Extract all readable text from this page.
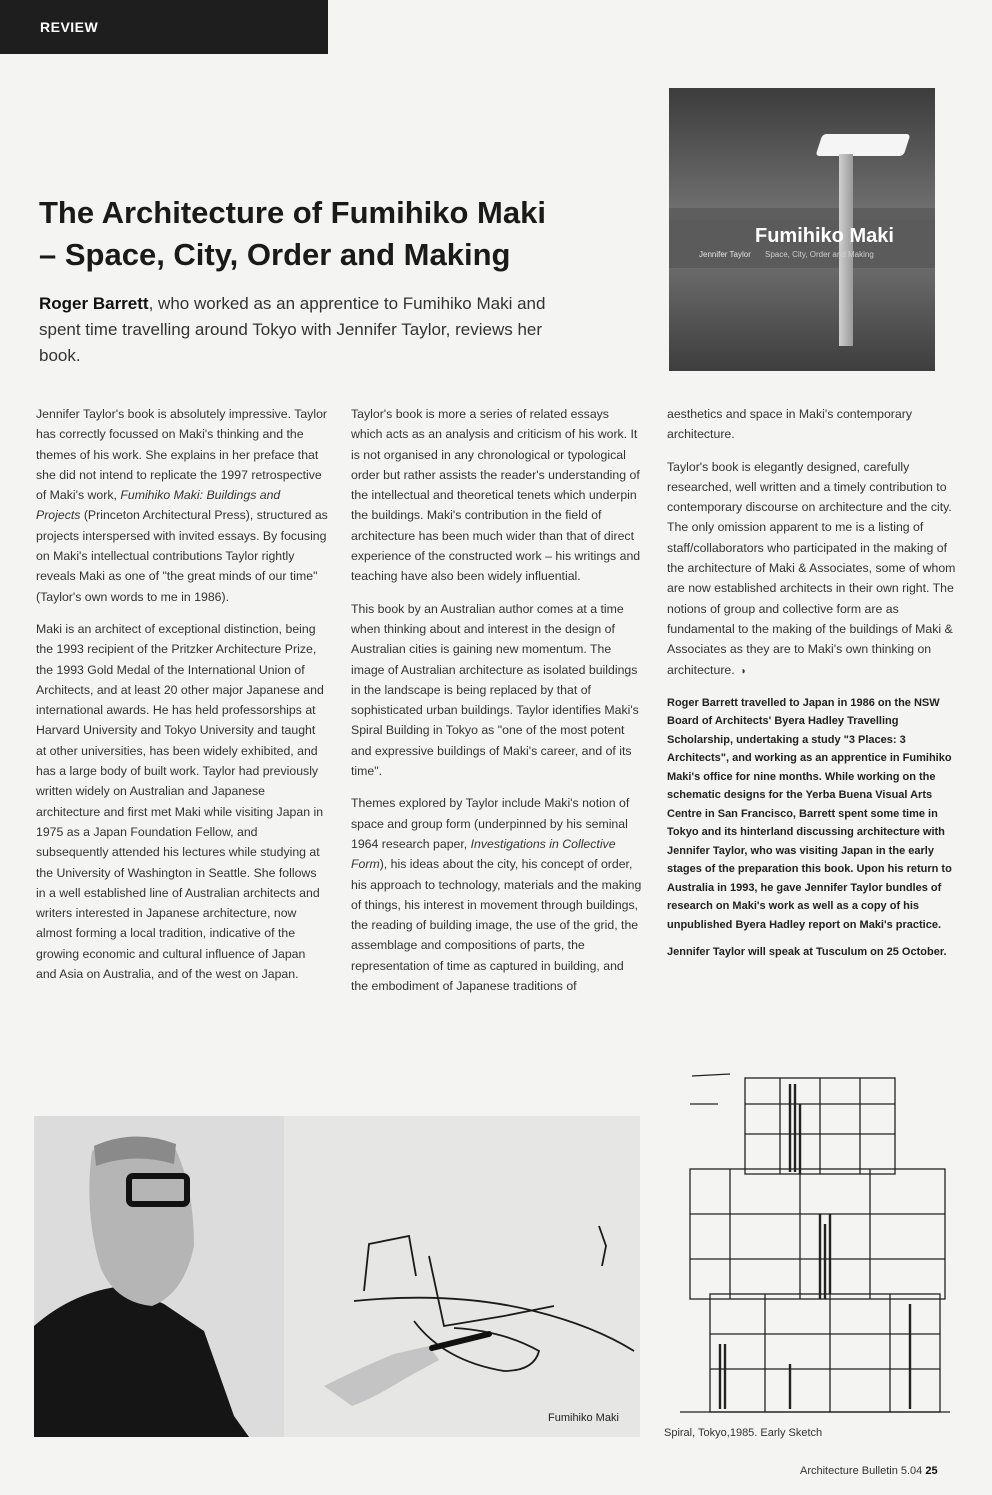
REVIEW
The Architecture of Fumihiko Maki
– Space, City, Order and Making

Roger Barrett, who worked as an apprentice to Fumihiko Maki and spent time travelling around Tokyo with Jennifer Taylor, reviews her book.

Fumihiko Maki
Jennifer Taylor Space, City, Order and Making

Jennifer Taylor's book is absolutely impressive. Taylor has correctly focussed on Maki's thinking and the themes of his work. She explains in her preface that she did not intend to replicate the 1997 retrospective of Maki's work, Fumihiko Maki: Buildings and Projects (Princeton Architectural Press), structured as projects interspersed with invited essays. By focusing on Maki's intellectual contributions Taylor rightly reveals Maki as one of "the great minds of our time" (Taylor's own words to me in 1986).

Maki is an architect of exceptional distinction, being the 1993 recipient of the Pritzker Architecture Prize, the 1993 Gold Medal of the International Union of Architects, and at least 20 other major Japanese and international awards. He has held professorships at Harvard University and Tokyo University and taught at other universities, has been widely exhibited, and has a large body of built work. Taylor had previously written widely on Australian and Japanese architecture and first met Maki while visiting Japan in 1975 as a Japan Foundation Fellow, and subsequently attended his lectures while studying at the University of Washington in Seattle. She follows in a well established line of Australian architects and writers interested in Japanese architecture, now almost forming a local tradition, indicative of the growing economic and cultural influence of Japan and Asia on Australia, and of the west on Japan.

Taylor's book is more a series of related essays which acts as an analysis and criticism of his work. It is not organised in any chronological or typological order but rather assists the reader's understanding of the intellectual and theoretical tenets which underpin the buildings. Maki's contribution in the field of architecture has been much wider than that of direct experience of the constructed work – his writings and teaching have also been widely influential.

This book by an Australian author comes at a time when thinking about and interest in the design of Australian cities is gaining new momentum. The image of Australian architecture as isolated buildings in the landscape is being replaced by that of sophisticated urban buildings. Taylor identifies Maki's Spiral Building in Tokyo as "one of the most potent and expressive buildings of Maki's career, and of its time".

Themes explored by Taylor include Maki's notion of space and group form (underpinned by his seminal 1964 research paper, Investigations in Collective Form), his ideas about the city, his concept of order, his approach to technology, materials and the making of things, his interest in movement through buildings, the reading of building image, the use of the grid, the assemblage and compositions of parts, the representation of time as captured in building, and the embodiment of Japanese traditions of

aesthetics and space in Maki's contemporary architecture.

Taylor's book is elegantly designed, carefully researched, well written and a timely contribution to contemporary discourse on architecture and the city. The only omission apparent to me is a listing of staff/collaborators who participated in the making of the architecture of Maki & Associates, some of whom are now established architects in their own right. The notions of group and collective form are as fundamental to the making of the buildings of Maki & Associates as they are to Maki's own thinking on architecture. ◗

Roger Barrett travelled to Japan in 1986 on the NSW Board of Architects' Byera Hadley Travelling Scholarship, undertaking a study "3 Places: 3 Architects", and working as an apprentice in Fumihiko Maki's office for nine months. While working on the schematic designs for the Yerba Buena Visual Arts Centre in San Francisco, Barrett spent some time in Tokyo and its hinterland discussing architecture with Jennifer Taylor, who was visiting Japan in the early stages of the preparation this book. Upon his return to Australia in 1993, he gave Jennifer Taylor bundles of research on Maki's work as well as a copy of his unpublished Byera Hadley report on Maki's practice.

Jennifer Taylor will speak at Tusculum on 25 October.

Fumihiko Maki
Spiral, Tokyo,1985. Early Sketch
Architecture Bulletin 5.04 25
